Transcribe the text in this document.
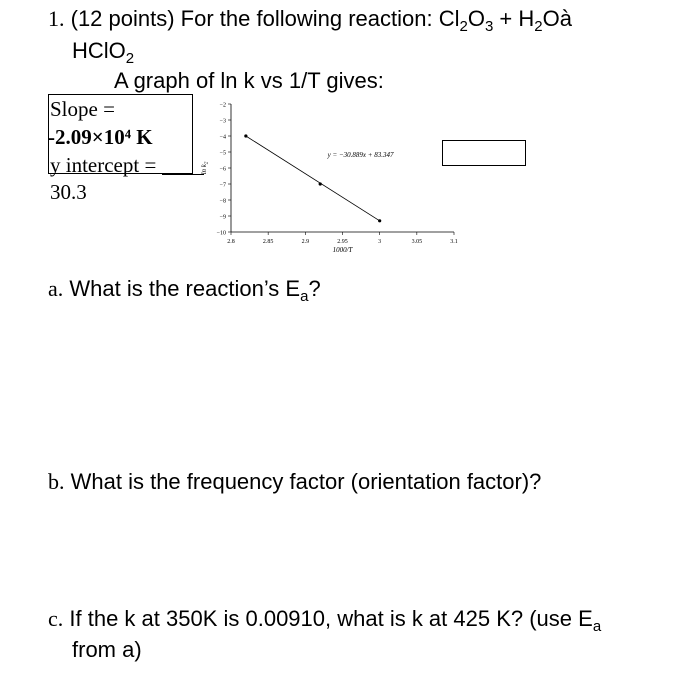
1. (12 points) For the following reaction: $Cl_2O_3$ + $H_2Oà$
HClO$_2$
A graph of ln k vs 1/T gives:
Slope =
-2.09×10⁴ K
y intercept =
30.3
−2
−3
−4
−5
−6
−7
−8
−9
−10
2.8	2.85	2.9	2.95	3	3.05	3.1
y = −30.889x + 83.347
1000/T
$\ln k_2$
a. What is the reaction’s $E_a$?
b. What is the frequency factor (orientation factor)?
c. If the k at 350K is 0.00910, what is k at 425 K? (use $E_a$
from a)
